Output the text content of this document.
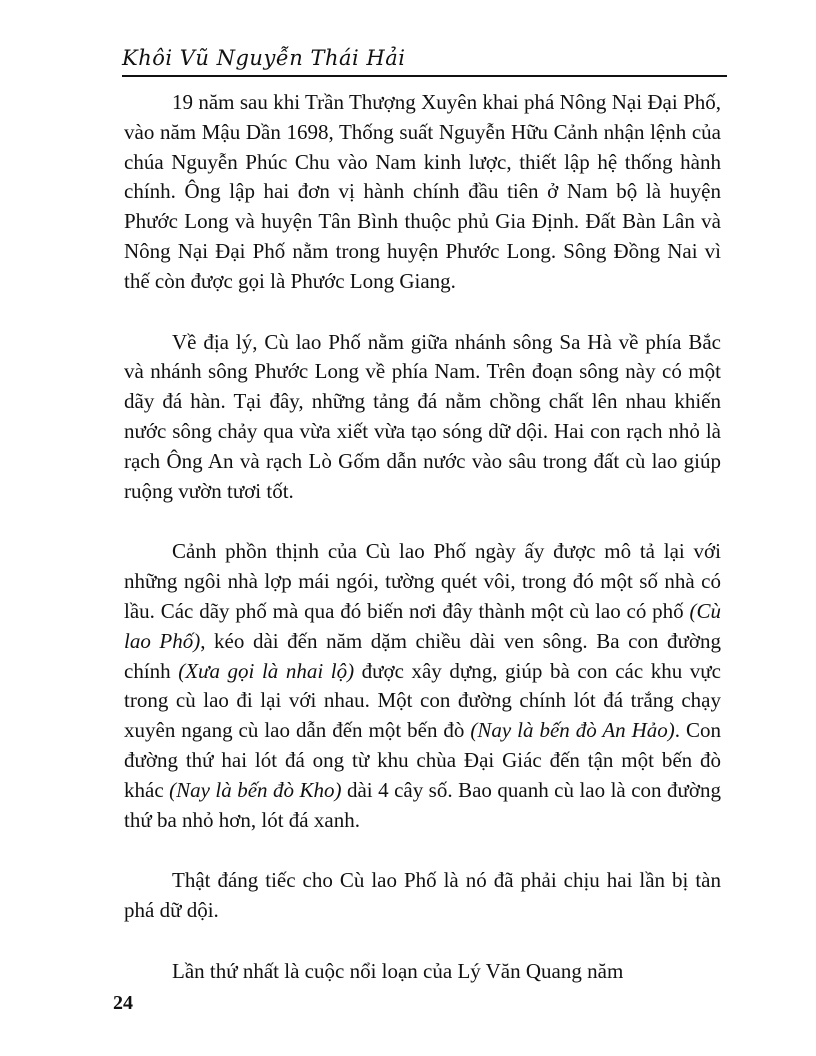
Khôi Vũ Nguyễn Thái Hải

19 năm sau khi Trần Thượng Xuyên khai phá Nông Nại Đại Phố, vào năm Mậu Dần 1698, Thống suất Nguyễn Hữu Cảnh nhận lệnh của chúa Nguyễn Phúc Chu vào Nam kinh lược, thiết lập hệ thống hành chính. Ông lập hai đơn vị hành chính đầu tiên ở Nam bộ là huyện Phước Long và huyện Tân Bình thuộc phủ Gia Định. Đất Bàn Lân và Nông Nại Đại Phố nằm trong huyện Phước Long. Sông Đồng Nai vì thế còn được gọi là Phước Long Giang.

Về địa lý, Cù lao Phố nằm giữa nhánh sông Sa Hà về phía Bắc và nhánh sông Phước Long về phía Nam. Trên đoạn sông này có một dãy đá hàn. Tại đây, những tảng đá nằm chồng chất lên nhau khiến nước sông chảy qua vừa xiết vừa tạo sóng dữ dội. Hai con rạch nhỏ là rạch Ông An và rạch Lò Gốm dẫn nước vào sâu trong đất cù lao giúp ruộng vườn tươi tốt.

Cảnh phồn thịnh của Cù lao Phố ngày ấy được mô tả lại với những ngôi nhà lợp mái ngói, tường quét vôi, trong đó một số nhà có lầu. Các dãy phố mà qua đó biến nơi đây thành một cù lao có phố (Cù lao Phố), kéo dài đến năm dặm chiều dài ven sông. Ba con đường chính (Xưa gọi là nhai lộ) được xây dựng, giúp bà con các khu vực trong cù lao đi lại với nhau. Một con đường chính lót đá trắng chạy xuyên ngang cù lao dẫn đến một bến đò (Nay là bến đò An Hảo). Con đường thứ hai lót đá ong từ khu chùa Đại Giác đến tận một bến đò khác (Nay là bến đò Kho) dài 4 cây số. Bao quanh cù lao là con đường thứ ba nhỏ hơn, lót đá xanh.

Thật đáng tiếc cho Cù lao Phố là nó đã phải chịu hai lần bị tàn phá dữ dội.

Lần thứ nhất là cuộc nổi loạn của Lý Văn Quang năm

24
